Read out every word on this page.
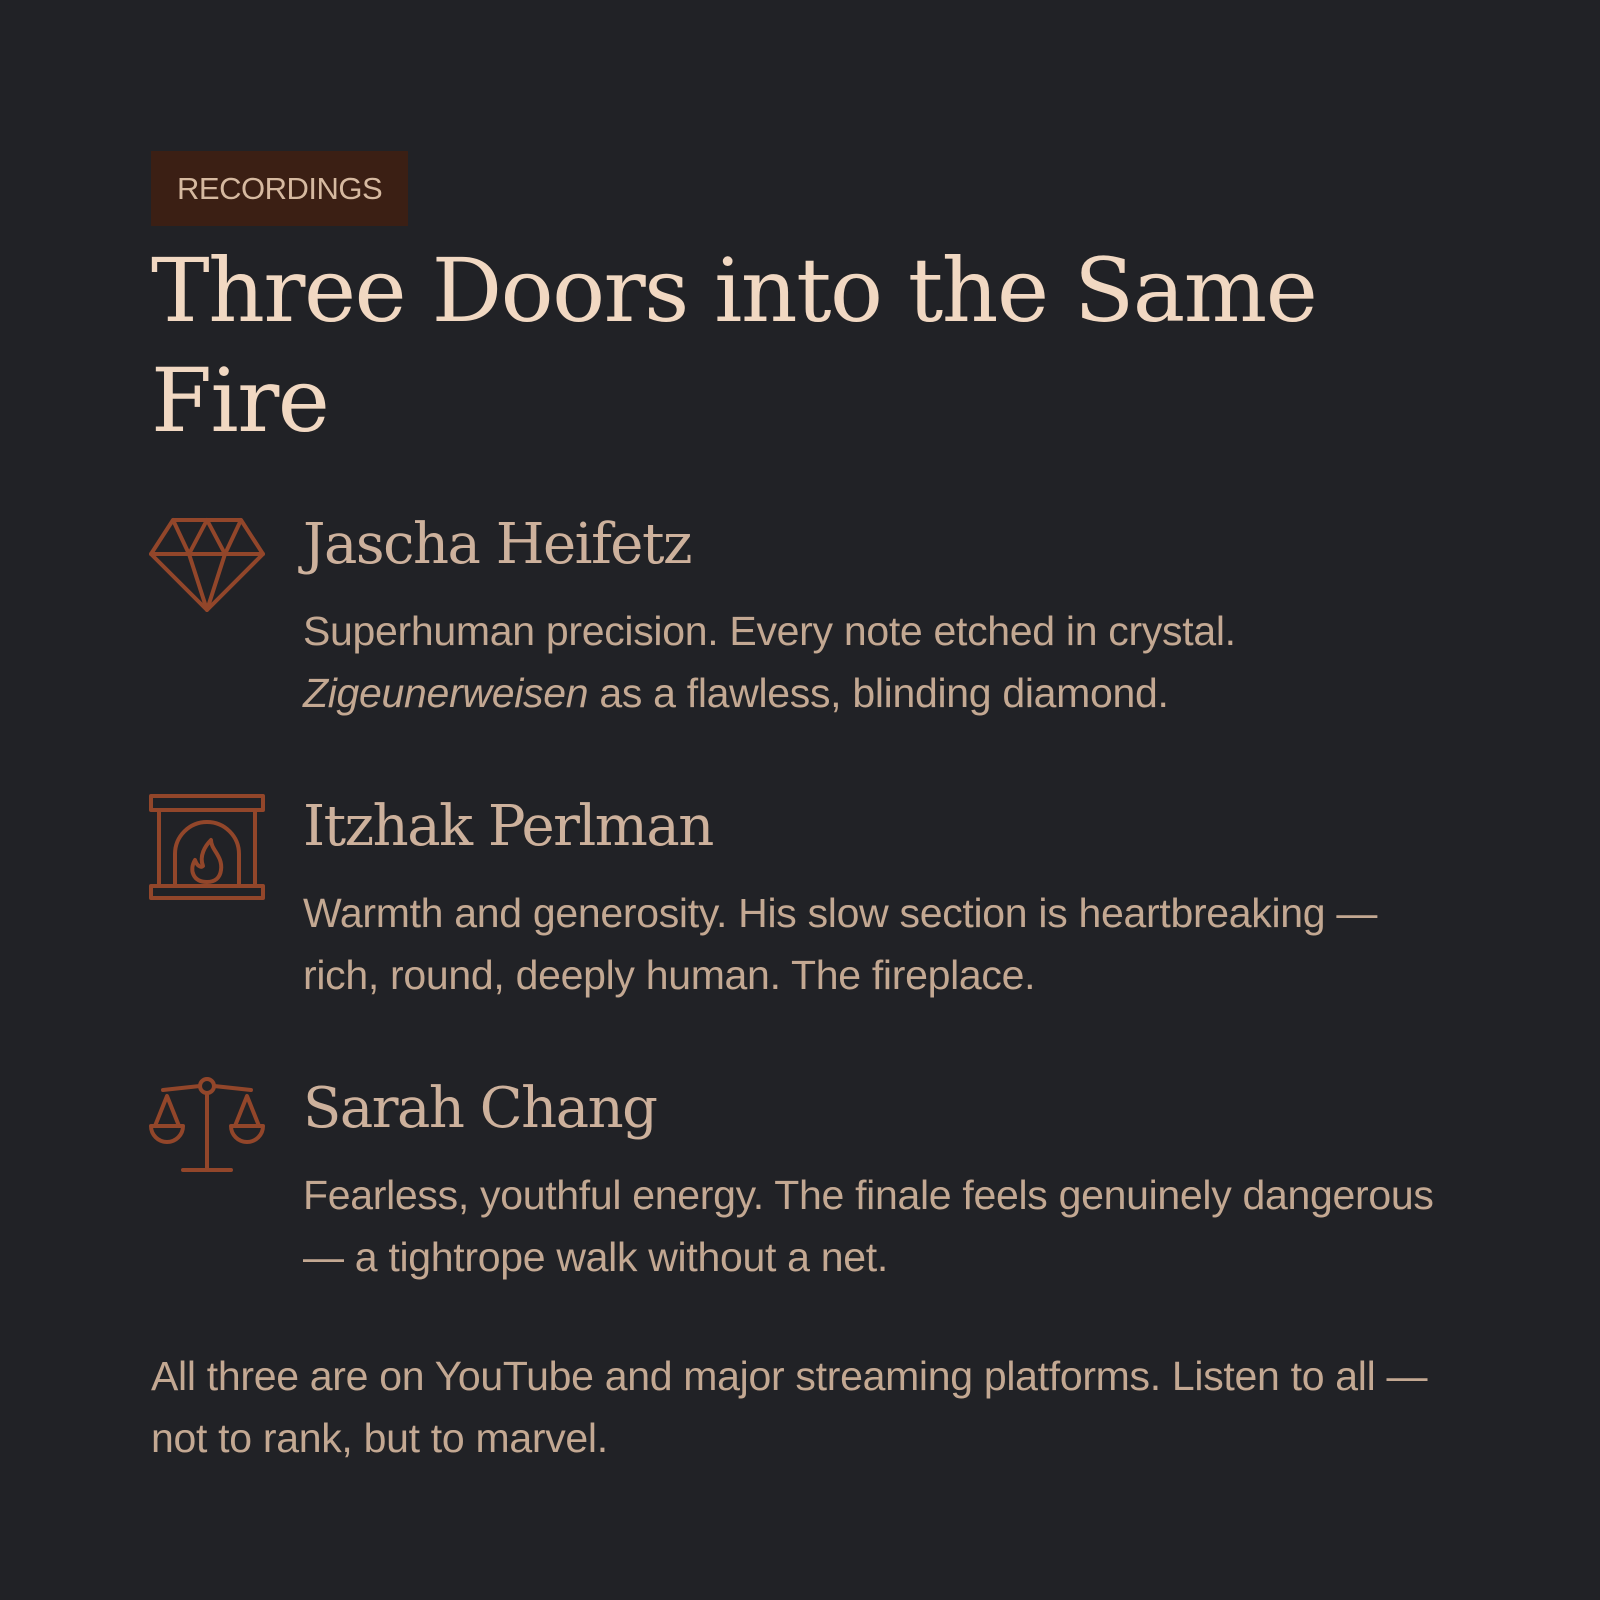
RECORDINGS
Three Doors into the Same Fire
Jascha Heifetz

Superhuman precision. Every note etched in crystal.
Zigeunerweisen as a flawless, blinding diamond.

Itzhak Perlman

Warmth and generosity. His slow section is heartbreaking — rich, round, deeply human. The fireplace.

Sarah Chang

Fearless, youthful energy. The finale feels genuinely dangerous — a tightrope walk without a net.

All three are on YouTube and major streaming platforms. Listen to all — not to rank, but to marvel.
